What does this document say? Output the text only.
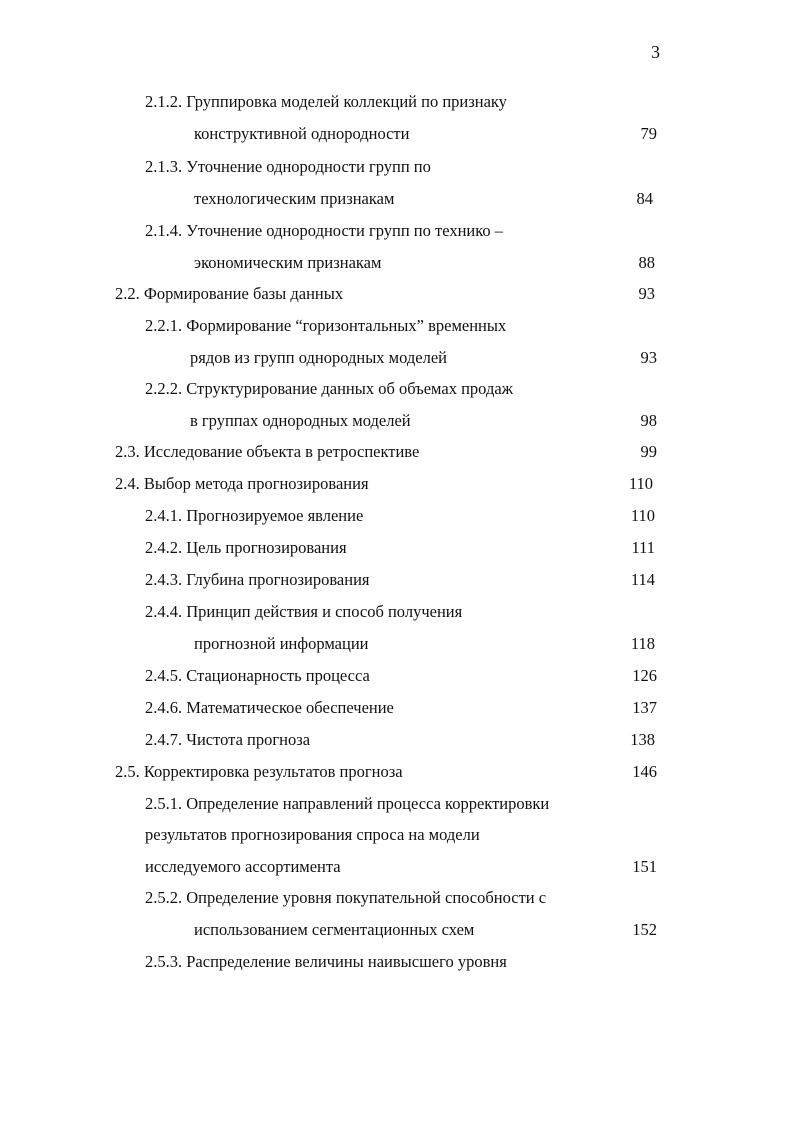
3
2.1.2. Группировка моделей коллекций по признаку
конструктивной однородности	79
2.1.3. Уточнение однородности групп по
технологическим признакам	84
2.1.4. Уточнение однородности групп по технико –
экономическим признакам	88
2.2. Формирование базы данных	93
2.2.1. Формирование “горизонтальных” временных
рядов из групп однородных моделей	93
2.2.2. Структурирование данных об объемах продаж
в группах однородных моделей	98
2.3. Исследование объекта в ретроспективе	99
2.4. Выбор метода прогнозирования	110
2.4.1. Прогнозируемое явление	110
2.4.2. Цель прогнозирования	111
2.4.3. Глубина прогнозирования	114
2.4.4. Принцип действия и способ получения
прогнозной информации	118
2.4.5. Стационарность процесса	126
2.4.6. Математическое обеспечение	137
2.4.7. Чистота прогноза	138
2.5. Корректировка результатов прогноза	146
2.5.1. Определение направлений процесса корректировки
результатов прогнозирования спроса на модели
исследуемого ассортимента	151
2.5.2. Определение уровня покупательной способности с
использованием сегментационных схем	152
2.5.3. Распределение величины наивысшего уровня
